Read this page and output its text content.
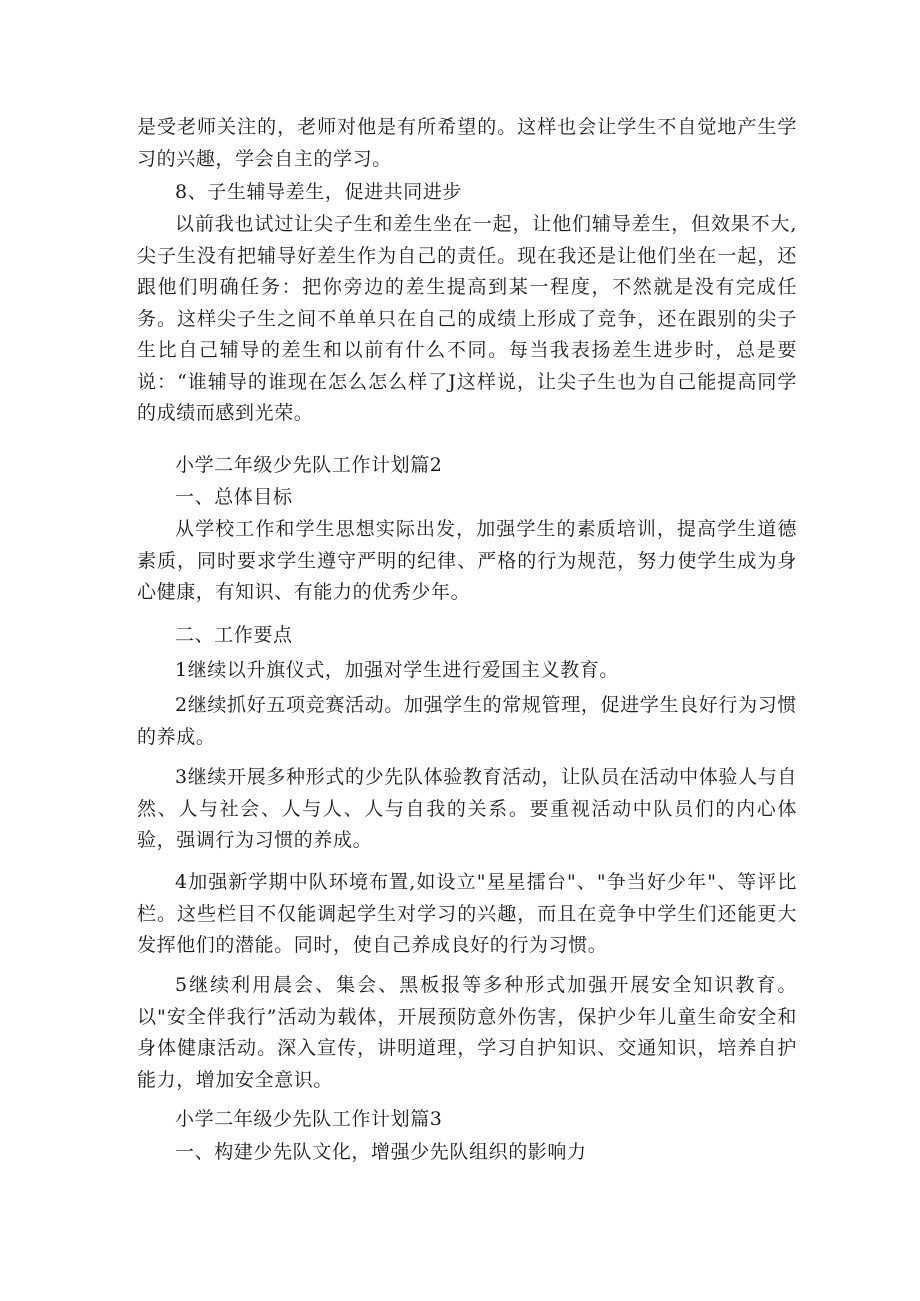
是受老师关注的，老师对他是有所希望的。这样也会让学生不自觉地产生学习的兴趣，学会自主的学习。

8、子生辅导差生，促进共同进步

以前我也试过让尖子生和差生坐在一起，让他们辅导差生，但效果不大,尖子生没有把辅导好差生作为自己的责任。现在我还是让他们坐在一起，还跟他们明确任务：把你旁边的差生提高到某一程度，不然就是没有完成任务。这样尖子生之间不单单只在自己的成绩上形成了竞争，还在跟别的尖子生比自己辅导的差生和以前有什么不同。每当我表扬差生进步时，总是要说：“谁辅导的谁现在怎么怎么样了J这样说，让尖子生也为自己能提高同学的成绩而感到光荣。

小学二年级少先队工作计划篇2

一、总体目标

从学校工作和学生思想实际出发，加强学生的素质培训，提高学生道德素质，同时要求学生遵守严明的纪律、严格的行为规范，努力使学生成为身心健康，有知识、有能力的优秀少年。

二、工作要点

1继续以升旗仪式，加强对学生进行爱国主义教育。

2继续抓好五项竞赛活动。加强学生的常规管理，促进学生良好行为习惯的养成。

3继续开展多种形式的少先队体验教育活动，让队员在活动中体验人与自然、人与社会、人与人、人与自我的关系。要重视活动中队员们的内心体验，强调行为习惯的养成。

4加强新学期中队环境布置,如设立"星星擂台"、"争当好少年"、等评比栏。这些栏目不仅能调起学生对学习的兴趣，而且在竞争中学生们还能更大发挥他们的潜能。同时，使自己养成良好的行为习惯。

5继续利用晨会、集会、黑板报等多种形式加强开展安全知识教育。以"安全伴我行”活动为载体，开展预防意外伤害，保护少年儿童生命安全和身体健康活动。深入宣传，讲明道理，学习自护知识、交通知识，培养自护能力，增加安全意识。

小学二年级少先队工作计划篇3

一、构建少先队文化，增强少先队组织的影响力
